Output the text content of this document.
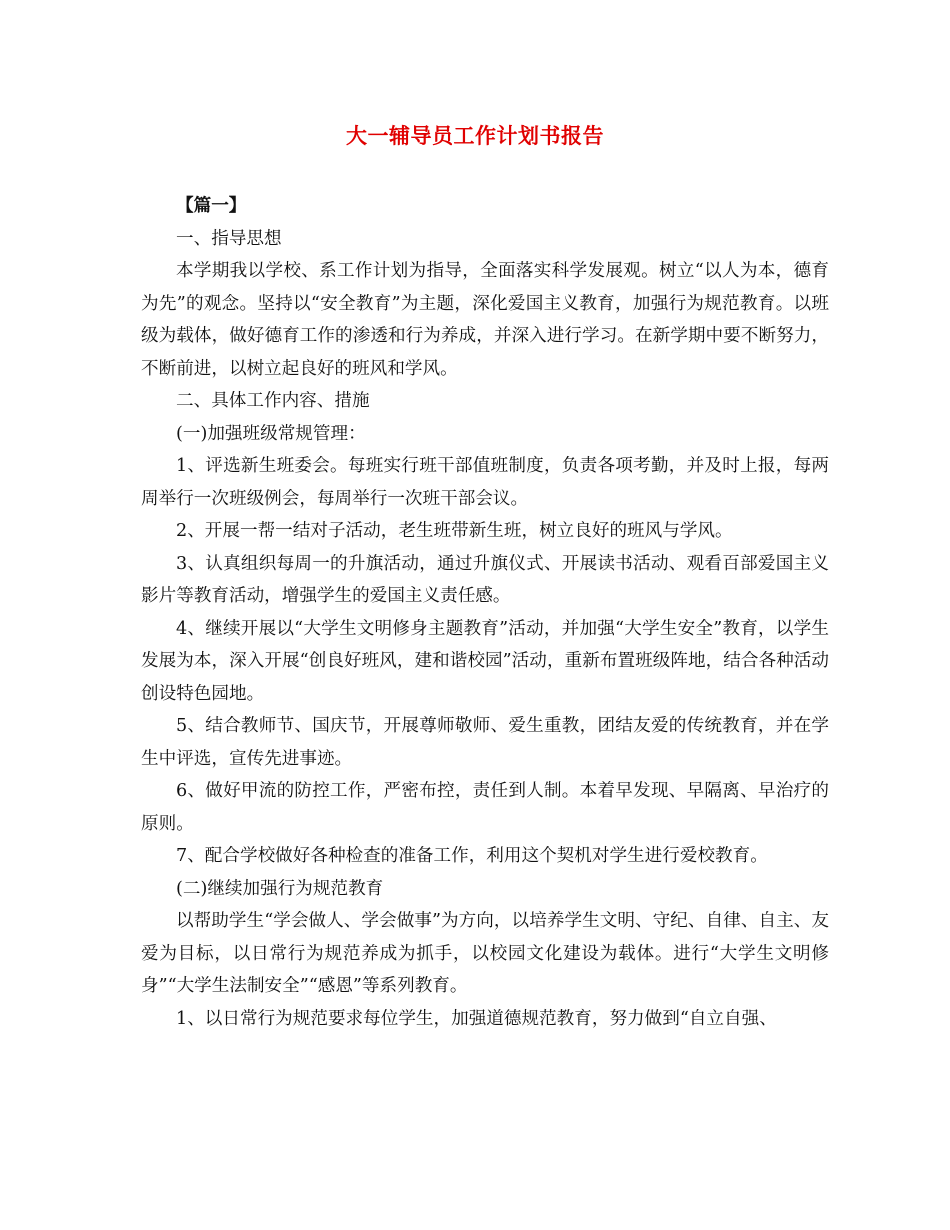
大一辅导员工作计划书报告

【篇一】

一、指导思想

本学期我以学校、系工作计划为指导，全面落实科学发展观。树立“以人为本，德育为先”的观念。坚持以“安全教育”为主题，深化爱国主义教育，加强行为规范教育。以班级为载体，做好德育工作的渗透和行为养成，并深入进行学习。在新学期中要不断努力，不断前进，以树立起良好的班风和学风。

二、具体工作内容、措施

(一)加强班级常规管理：

1、评选新生班委会。每班实行班干部值班制度，负责各项考勤，并及时上报，每两周举行一次班级例会，每周举行一次班干部会议。

2、开展一帮一结对子活动，老生班带新生班，树立良好的班风与学风。

3、认真组织每周一的升旗活动，通过升旗仪式、开展读书活动、观看百部爱国主义影片等教育活动，增强学生的爱国主义责任感。

4、继续开展以“大学生文明修身主题教育”活动，并加强“大学生安全”教育，以学生发展为本，深入开展“创良好班风，建和谐校园”活动，重新布置班级阵地，结合各种活动创设特色园地。

5、结合教师节、国庆节，开展尊师敬师、爱生重教，团结友爱的传统教育，并在学生中评选，宣传先进事迹。

6、做好甲流的防控工作，严密布控，责任到人制。本着早发现、早隔离、早治疗的原则。

7、配合学校做好各种检查的准备工作，利用这个契机对学生进行爱校教育。

(二)继续加强行为规范教育

以帮助学生“学会做人、学会做事”为方向，以培养学生文明、守纪、自律、自主、友爱为目标，以日常行为规范养成为抓手，以校园文化建设为载体。进行“大学生文明修身”“大学生法制安全”“感恩”等系列教育。

1、以日常行为规范要求每位学生，加强道德规范教育，努力做到“自立自强、
